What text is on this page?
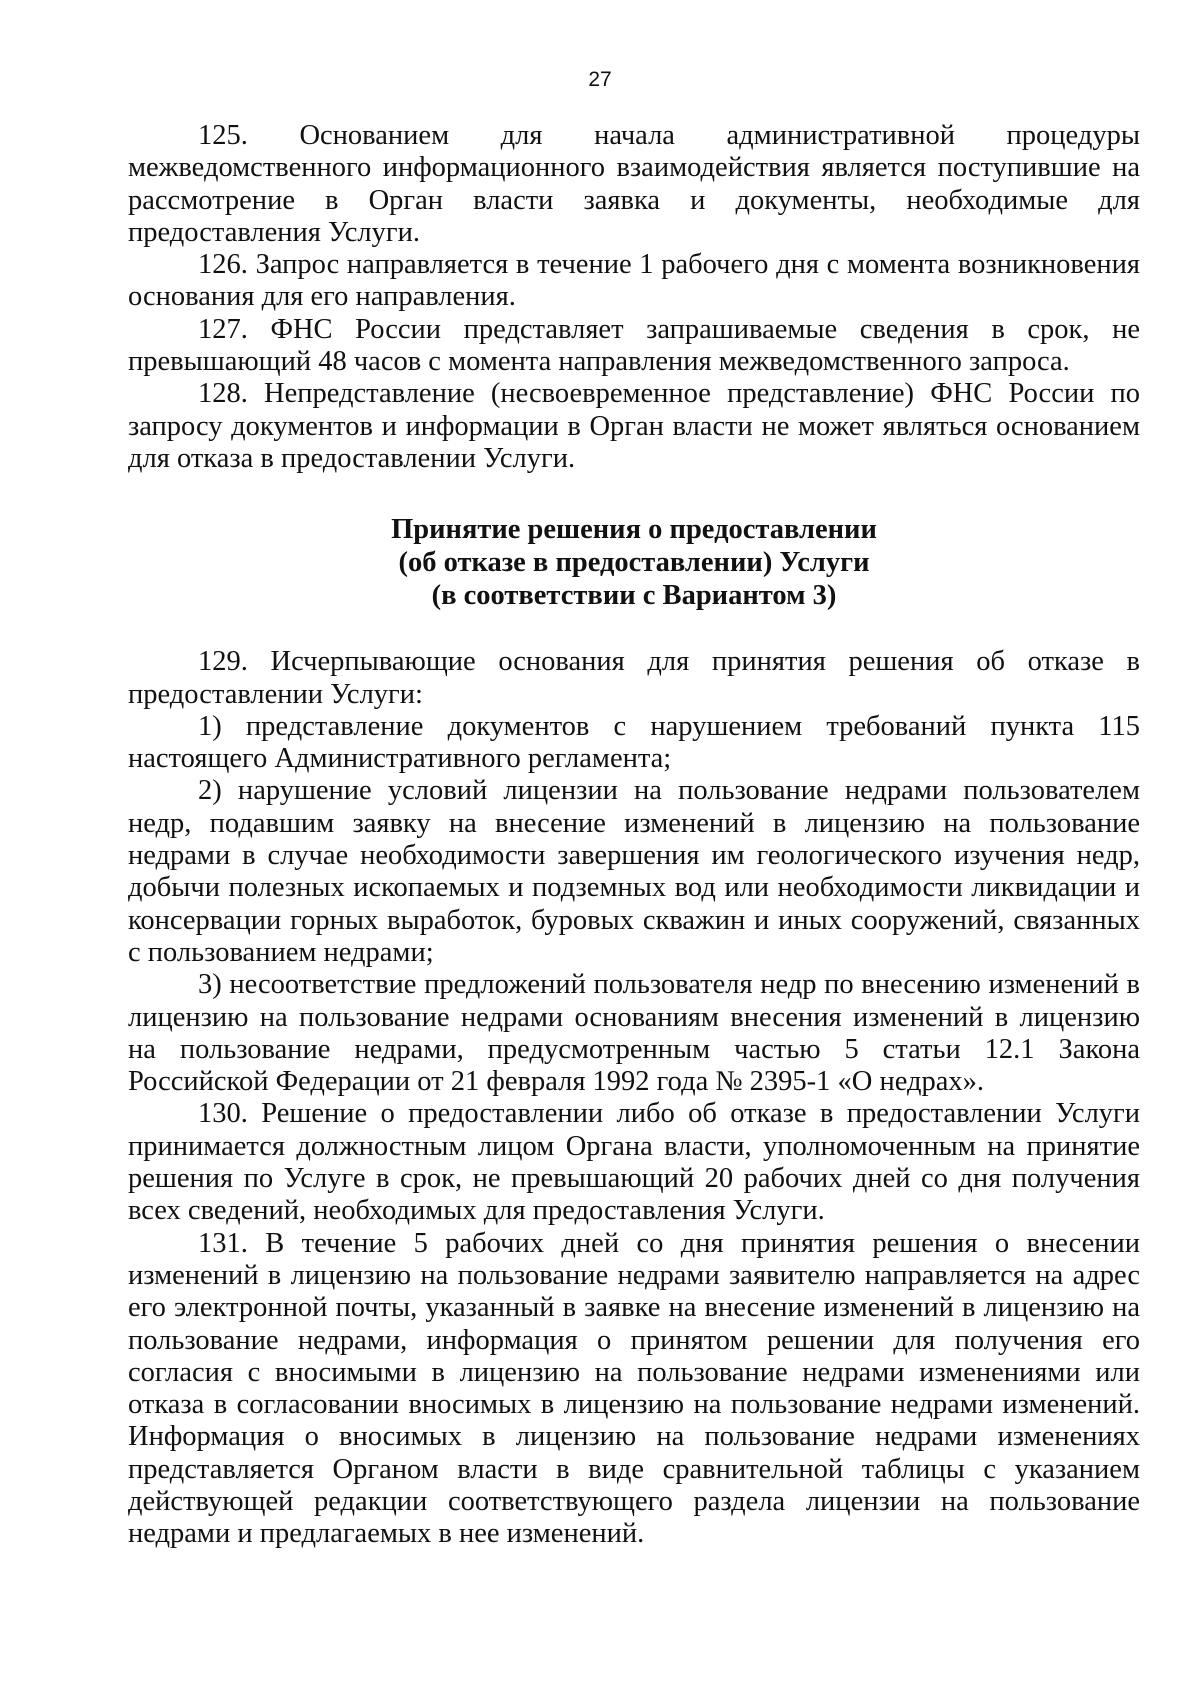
27

125. Основанием для начала административной процедуры межведомственного информационного взаимодействия является поступившие на рассмотрение в Орган власти заявка и документы, необходимые для предоставления Услуги.

126. Запрос направляется в течение 1 рабочего дня с момента возникновения основания для его направления.

127. ФНС России представляет запрашиваемые сведения в срок, не превышающий 48 часов с момента направления межведомственного запроса.

128. Непредставление (несвоевременное представление) ФНС России по запросу документов и информации в Орган власти не может являться основанием для отказа в предоставлении Услуги.

Принятие решения о предоставлении
(об отказе в предоставлении) Услуги
(в соответствии с Вариантом 3)

129. Исчерпывающие основания для принятия решения об отказе в предоставлении Услуги:

1) представление документов с нарушением требований пункта 115 настоящего Административного регламента;

2) нарушение условий лицензии на пользование недрами пользователем недр, подавшим заявку на внесение изменений в лицензию на пользование недрами в случае необходимости завершения им геологического изучения недр, добычи полезных ископаемых и подземных вод или необходимости ликвидации и консервации горных выработок, буровых скважин и иных сооружений, связанных с пользованием недрами;

3) несоответствие предложений пользователя недр по внесению изменений в лицензию на пользование недрами основаниям внесения изменений в лицензию на пользование недрами, предусмотренным частью 5 статьи 12.1 Закона Российской Федерации от 21 февраля 1992 года № 2395-1 «О недрах».

130. Решение о предоставлении либо об отказе в предоставлении Услуги принимается должностным лицом Органа власти, уполномоченным на принятие решения по Услуге в срок, не превышающий 20 рабочих дней со дня получения всех сведений, необходимых для предоставления Услуги.

131. В течение 5 рабочих дней со дня принятия решения о внесении изменений в лицензию на пользование недрами заявителю направляется на адрес его электронной почты, указанный в заявке на внесение изменений в лицензию на пользование недрами, информация о принятом решении для получения его согласия с вносимыми в лицензию на пользование недрами изменениями или отказа в согласовании вносимых в лицензию на пользование недрами изменений. Информация о вносимых в лицензию на пользование недрами изменениях представляется Органом власти в виде сравнительной таблицы с указанием действующей редакции соответствующего раздела лицензии на пользование недрами и предлагаемых в нее изменений.
